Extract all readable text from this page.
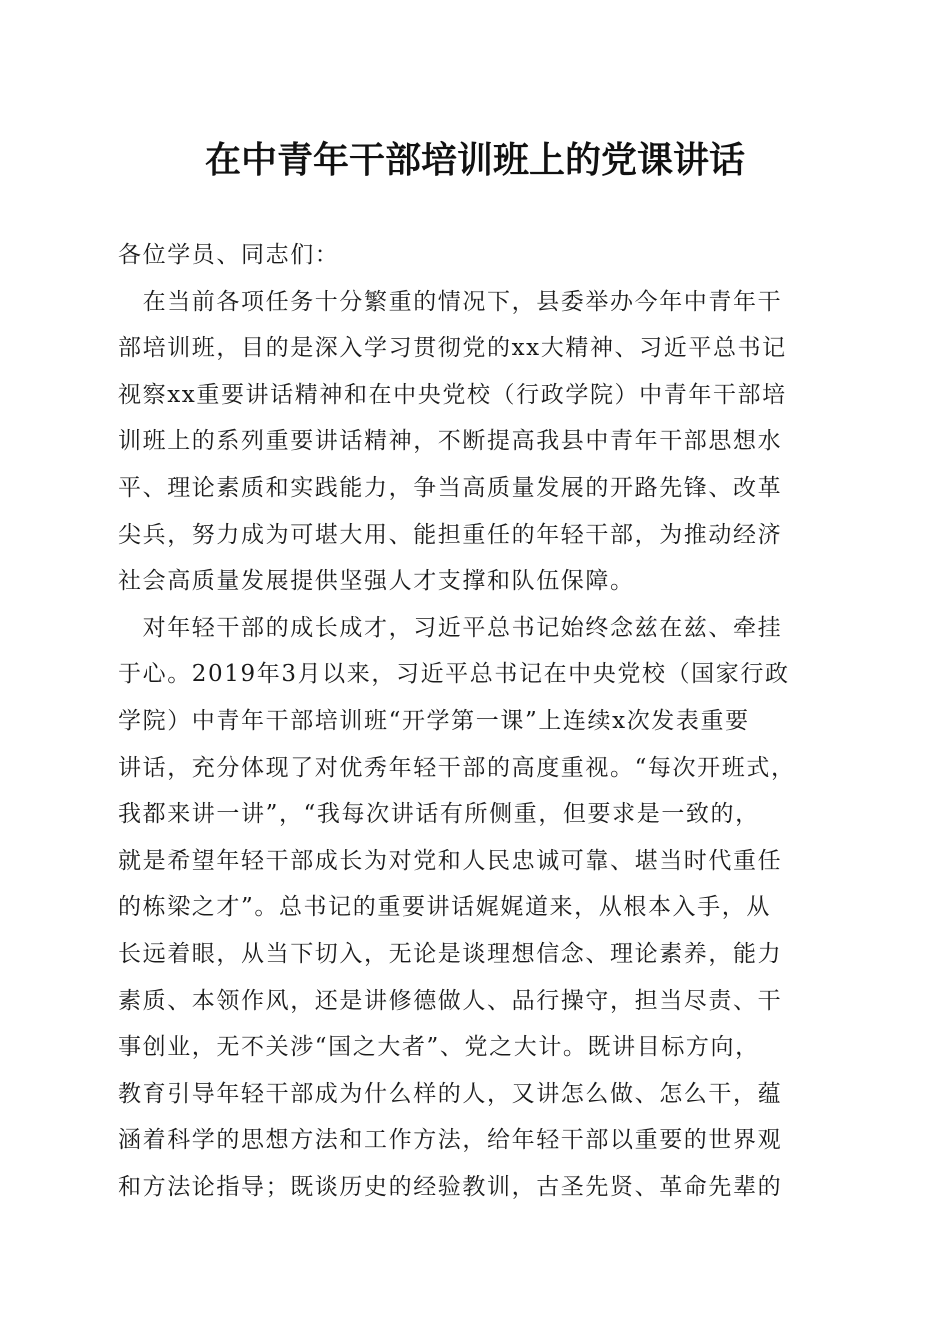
在中青年干部培训班上的党课讲话
各位学员、同志们：
　在当前各项任务十分繁重的情况下，县委举办今年中青年干
部培训班，目的是深入学习贯彻党的xx大精神、习近平总书记
视察xx重要讲话精神和在中央党校（行政学院）中青年干部培
训班上的系列重要讲话精神，不断提高我县中青年干部思想水
平、理论素质和实践能力，争当高质量发展的开路先锋、改革
尖兵，努力成为可堪大用、能担重任的年轻干部，为推动经济
社会高质量发展提供坚强人才支撑和队伍保障。
　对年轻干部的成长成才，习近平总书记始终念兹在兹、牵挂
于心。2019年3月以来，习近平总书记在中央党校（国家行政
学院）中青年干部培训班“开学第一课”上连续x次发表重要
讲话，充分体现了对优秀年轻干部的高度重视。“每次开班式，
我都来讲一讲”，“我每次讲话有所侧重，但要求是一致的，
就是希望年轻干部成长为对党和人民忠诚可靠、堪当时代重任
的栋梁之才”。总书记的重要讲话娓娓道来，从根本入手，从
长远着眼，从当下切入，无论是谈理想信念、理论素养，能力
素质、本领作风，还是讲修德做人、品行操守，担当尽责、干
事创业，无不关涉“国之大者”、党之大计。既讲目标方向，
教育引导年轻干部成为什么样的人，又讲怎么做、怎么干，蕴
涵着科学的思想方法和工作方法，给年轻干部以重要的世界观
和方法论指导；既谈历史的经验教训，古圣先贤、革命先辈的
